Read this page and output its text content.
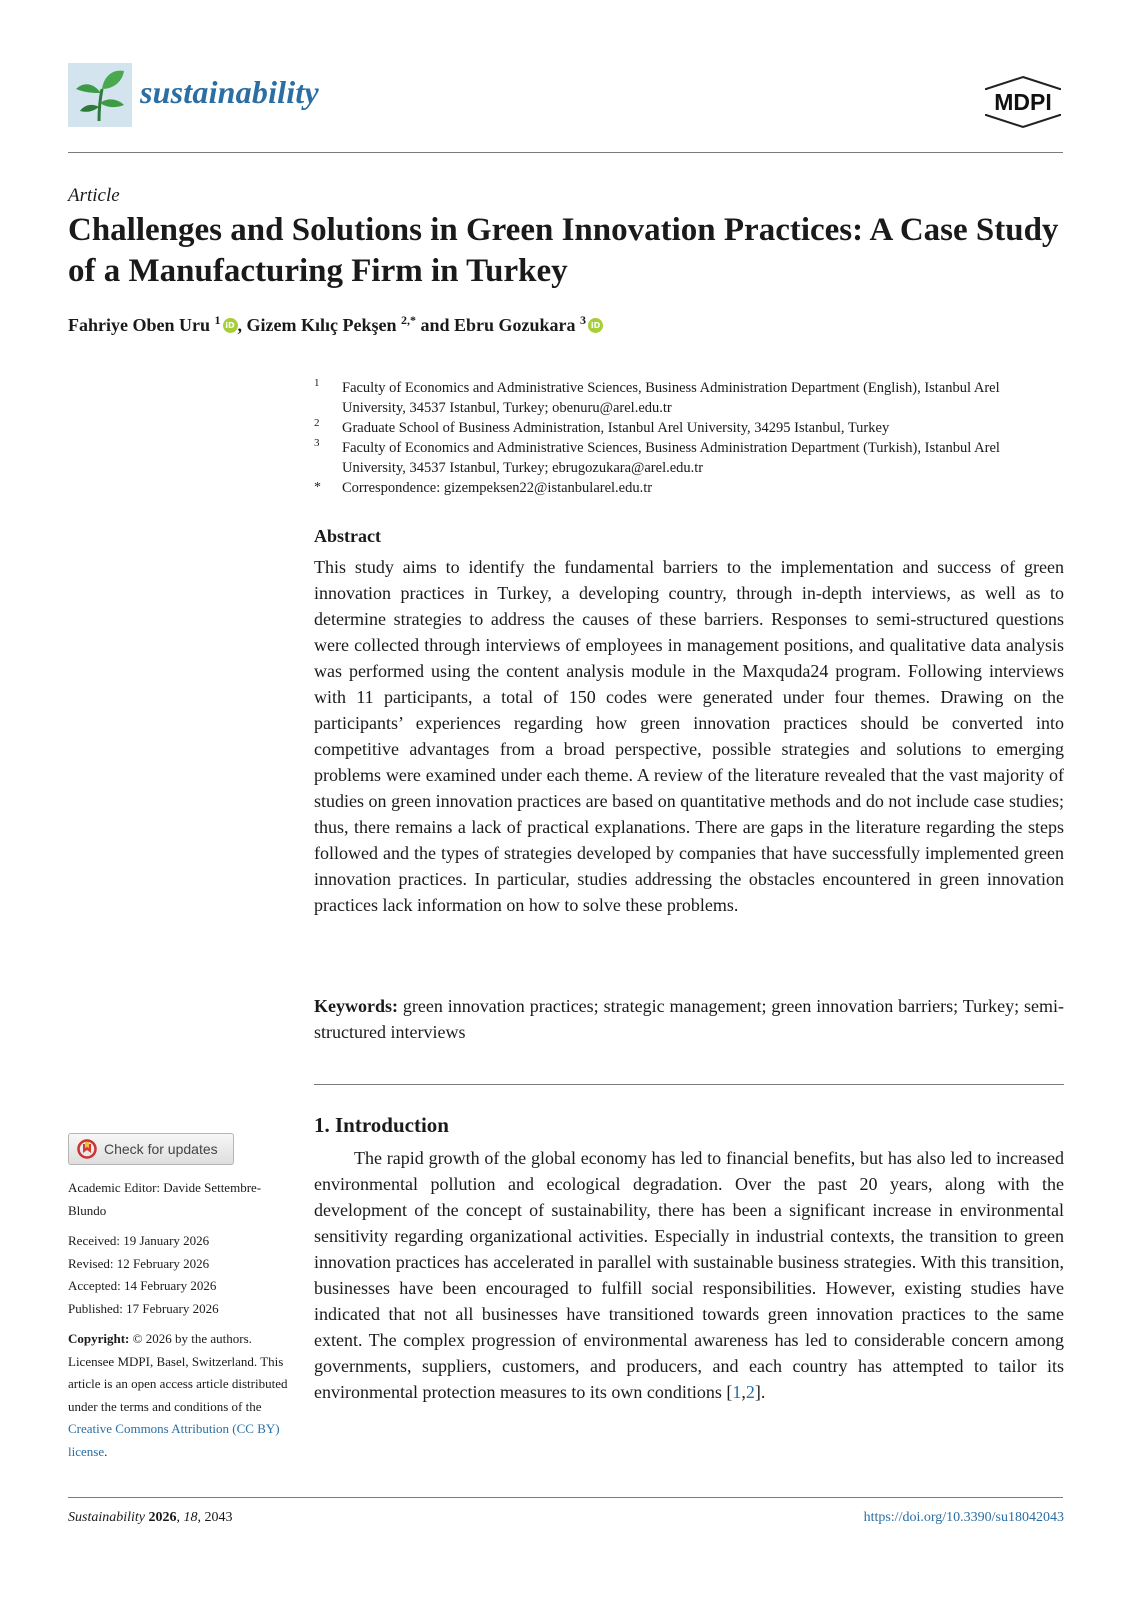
sustainability	MDPI
Article
Challenges and Solutions in Green Innovation Practices: A Case Study of a Manufacturing Firm in Turkey
Fahriye Oben Uru $^1$ iD , Gizem Kılıç Pekşen $^{2,*}$ and Ebru Gozukara $^3$ iD
1 Faculty of Economics and Administrative Sciences, Business Administration Department (English), Istanbul Arel University, 34537 Istanbul, Turkey; obenuru@arel.edu.tr
2 Graduate School of Business Administration, Istanbul Arel University, 34295 Istanbul, Turkey
3 Faculty of Economics and Administrative Sciences, Business Administration Department (Turkish), Istanbul Arel University, 34537 Istanbul, Turkey; ebrugozukara@arel.edu.tr
* Correspondence: gizempeksen22@istanbularel.edu.tr
Abstract
This study aims to identify the fundamental barriers to the implementation and success of green innovation practices in Turkey, a developing country, through in-depth interviews, as well as to determine strategies to address the causes of these barriers. Responses to semi-structured questions were collected through interviews of employees in management positions, and qualitative data analysis was performed using the content analysis module in the Maxquda24 program. Following interviews with 11 participants, a total of 150 codes were generated under four themes. Drawing on the participants’ experiences regarding how green innovation practices should be converted into competitive advantages from a broad perspective, possible strategies and solutions to emerging problems were examined under each theme. A review of the literature revealed that the vast majority of studies on green innovation practices are based on quantitative methods and do not include case studies; thus, there remains a lack of practical explanations. There are gaps in the literature regarding the steps followed and the types of strategies developed by companies that have successfully implemented green innovation practices. In particular, studies addressing the obstacles encountered in green innovation practices lack information on how to solve these problems.
Keywords: green innovation practices; strategic management; green innovation barriers; Turkey; semi-structured interviews
1. Introduction
The rapid growth of the global economy has led to financial benefits, but has also led to increased environmental pollution and ecological degradation. Over the past 20 years, along with the development of the concept of sustainability, there has been a significant increase in environmental sensitivity regarding organizational activities. Especially in industrial contexts, the transition to green innovation practices has accelerated in parallel with sustainable business strategies. With this transition, businesses have been encouraged to fulfill social responsibilities. However, existing studies have indicated that not all businesses have transitioned towards green innovation practices to the same extent. The complex progression of environmental awareness has led to considerable concern among governments, suppliers, customers, and producers, and each country has attempted to tailor its environmental protection measures to its own conditions [1,2].
Check for updates
Academic Editor: Davide Settembre-Blundo
Received: 19 January 2026
Revised: 12 February 2026
Accepted: 14 February 2026
Published: 17 February 2026
Copyright: © 2026 by the authors. Licensee MDPI, Basel, Switzerland. This article is an open access article distributed under the terms and conditions of the Creative Commons Attribution (CC BY) license.
Sustainability 2026, 18, 2043	https://doi.org/10.3390/su18042043
